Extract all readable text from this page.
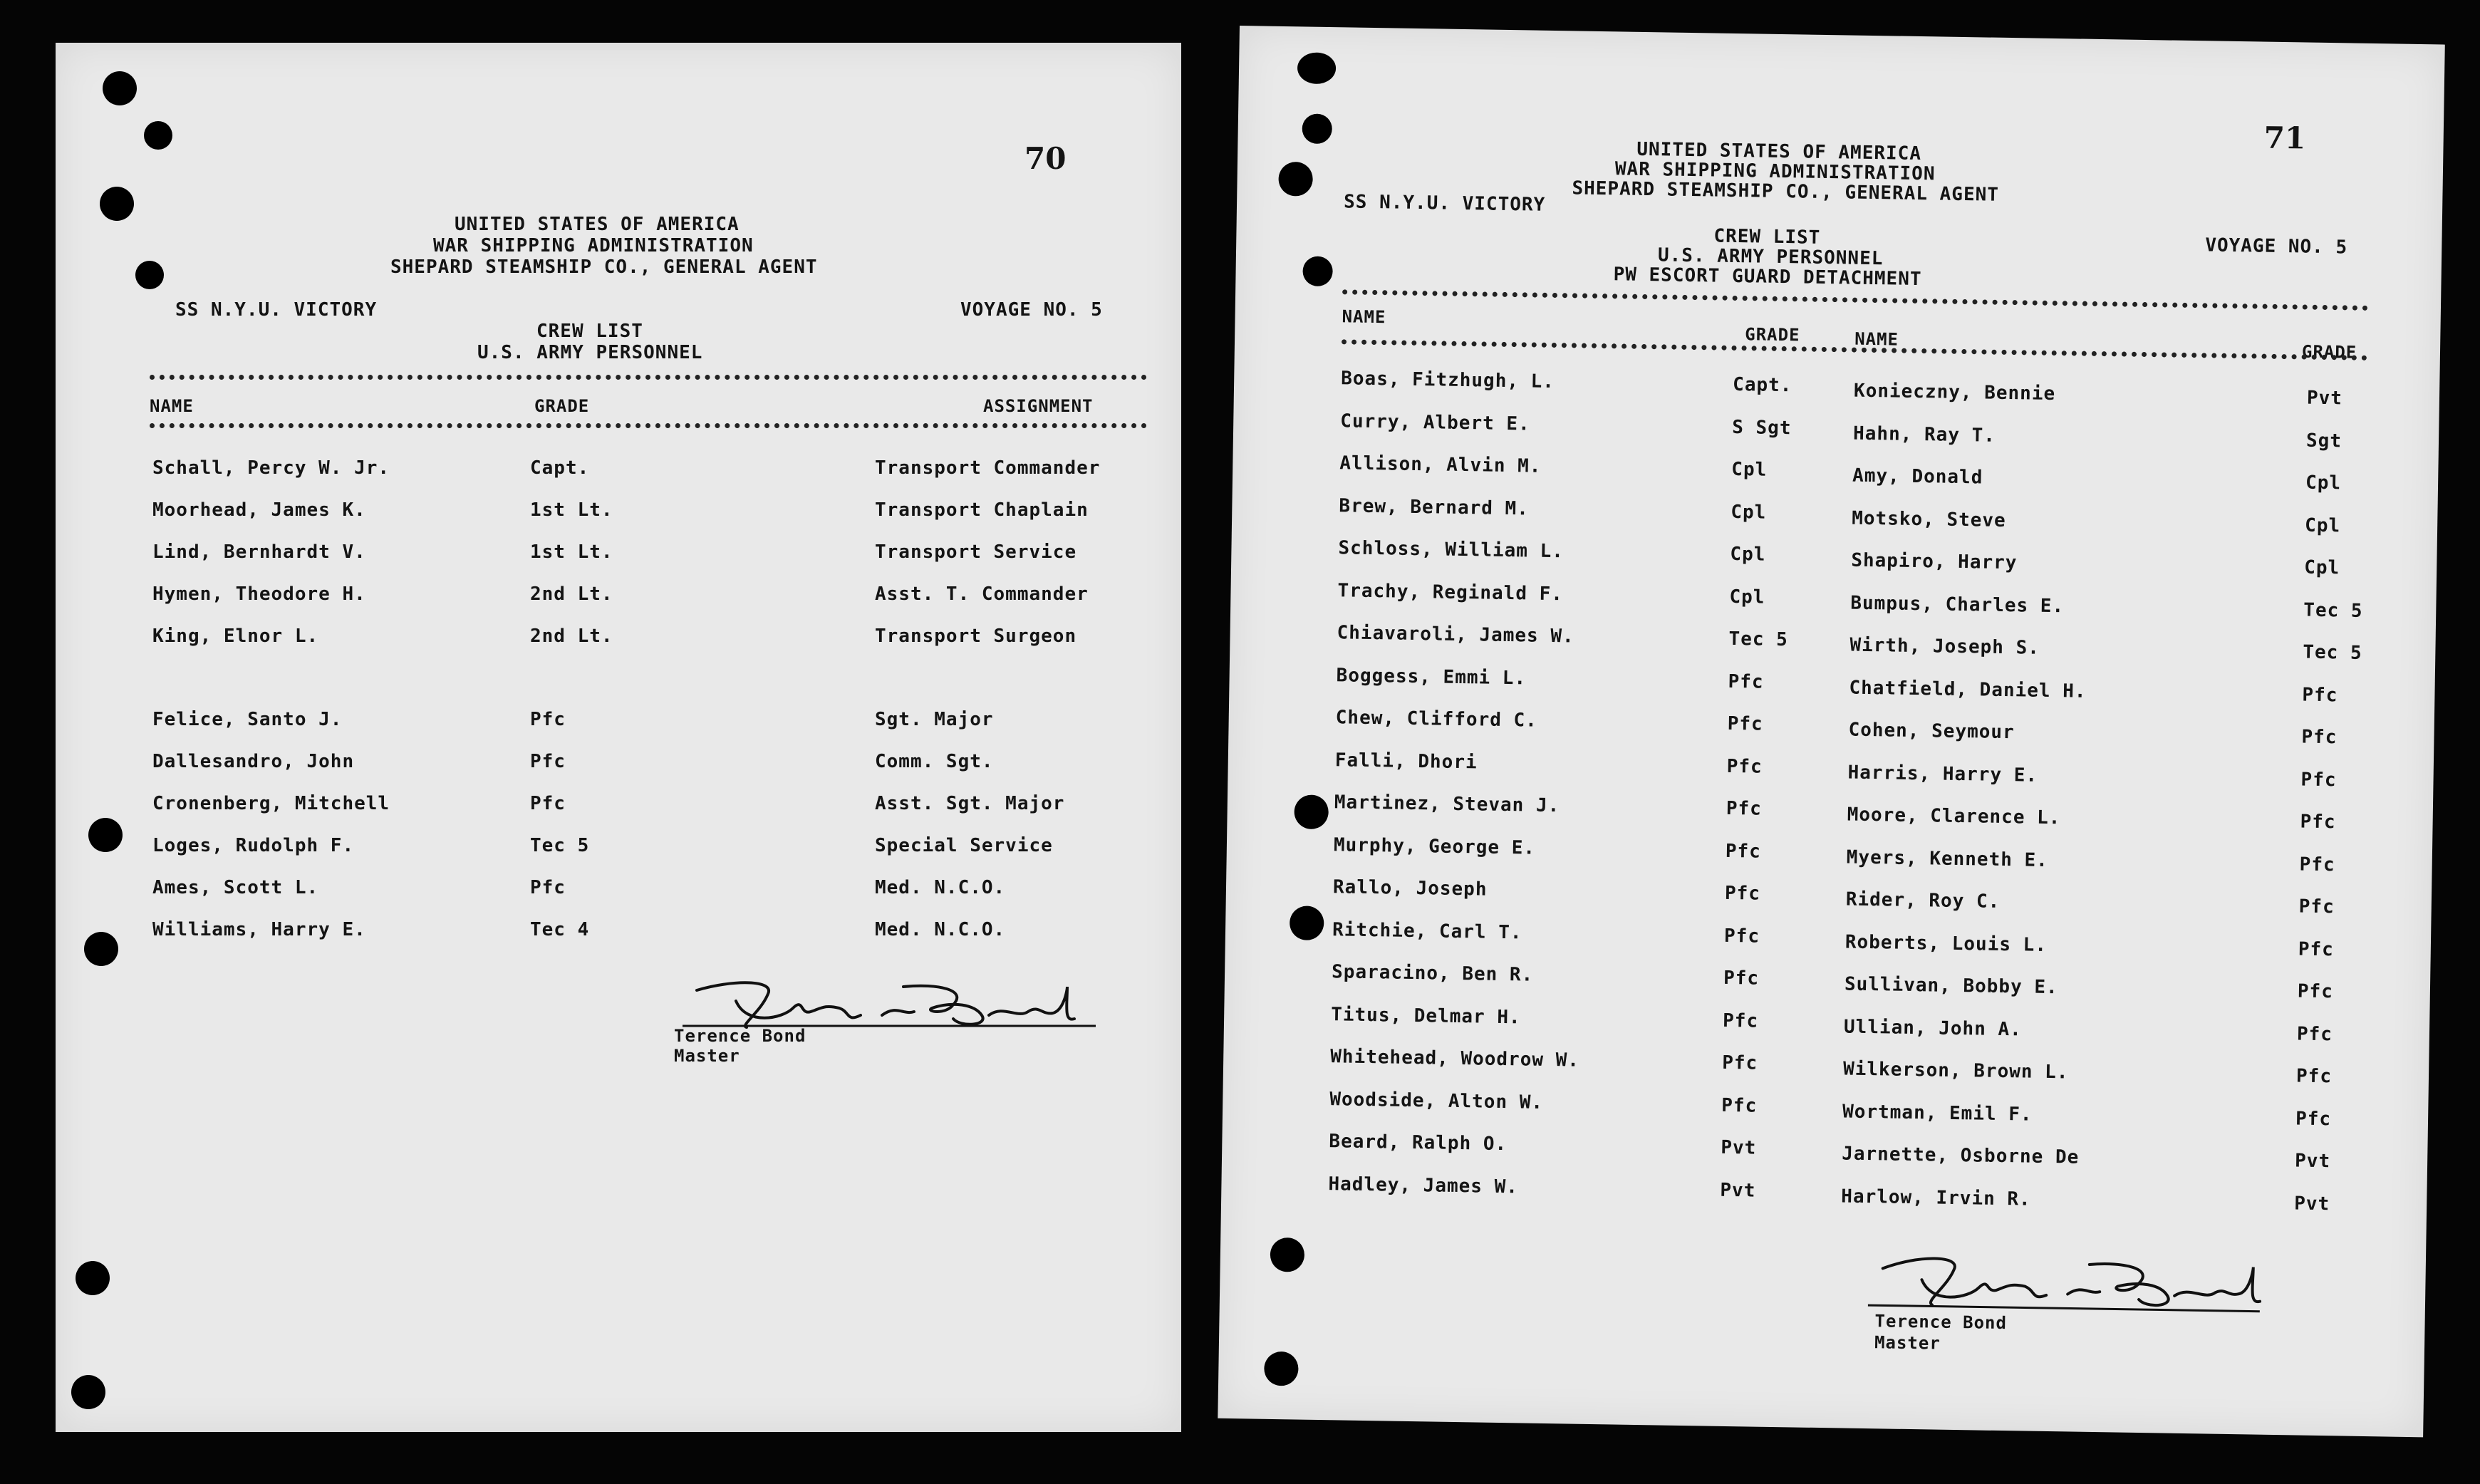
70
UNITED STATES OF AMERICA
WAR SHIPPING ADMINISTRATION
SHEPARD STEAMSHIP CO., GENERAL AGENT
SS N.Y.U. VICTORY	VOYAGE NO. 5
CREW LIST
U.S. ARMY PERSONNEL
NAME	GRADE	ASSIGNMENT
Terence Bond
Master
Schall, Percy W. Jr.	Capt.	Transport Commander
Moorhead, James K.	1st Lt.	Transport Chaplain
Lind, Bernhardt V.	1st Lt.	Transport Service
Hymen, Theodore H.	2nd Lt.	Asst. T. Commander
King, Elnor L.	2nd Lt.	Transport Surgeon
Felice, Santo J.	Pfc	Sgt. Major
Dallesandro, John	Pfc	Comm. Sgt.
Cronenberg, Mitchell	Pfc	Asst. Sgt. Major
Loges, Rudolph F.	Tec 5	Special Service
Ames, Scott L.	Pfc	Med. N.C.O.
Williams, Harry E.	Tec 4	Med. N.C.O.
71
UNITED STATES OF AMERICA
WAR SHIPPING ADMINISTRATION
SHEPARD STEAMSHIP CO., GENERAL AGENT
SS N.Y.U. VICTORY
VOYAGE NO. 5
CREW LIST
U.S. ARMY PERSONNEL
PW ESCORT GUARD DETACHMENT
NAME
GRADE	NAME
GRADE
Terence Bond
Master
Boas, Fitzhugh, L.	Capt.
Curry, Albert E.	S Sgt
Allison, Alvin M.	Cpl
Brew, Bernard M.	Cpl
Schloss, William L.	Cpl
Trachy, Reginald F.	Cpl
Chiavaroli, James W.	Tec 5
Boggess, Emmi L.	Pfc
Chew, Clifford C.	Pfc
Falli, Dhori	Pfc
Martinez, Stevan J.	Pfc
Murphy, George E.	Pfc
Rallo, Joseph	Pfc
Ritchie, Carl T.	Pfc
Sparacino, Ben R.	Pfc
Titus, Delmar H.	Pfc
Whitehead, Woodrow W.	Pfc
Woodside, Alton W.	Pfc
Beard, Ralph O.	Pvt
Hadley, James W.	Pvt
Konieczny, Bennie	Pvt
Hahn, Ray T.	Sgt
Amy, Donald	Cpl
Motsko, Steve	Cpl
Shapiro, Harry	Cpl
Bumpus, Charles E.	Tec 5
Wirth, Joseph S.	Tec 5
Chatfield, Daniel H.	Pfc
Cohen, Seymour	Pfc
Harris, Harry E.	Pfc
Moore, Clarence L.	Pfc
Myers, Kenneth E.	Pfc
Rider, Roy C.	Pfc
Roberts, Louis L.	Pfc
Sullivan, Bobby E.	Pfc
Ullian, John A.	Pfc
Wilkerson, Brown L.	Pfc
Wortman, Emil F.	Pfc
Jarnette, Osborne De	Pvt
Harlow, Irvin R.	Pvt
